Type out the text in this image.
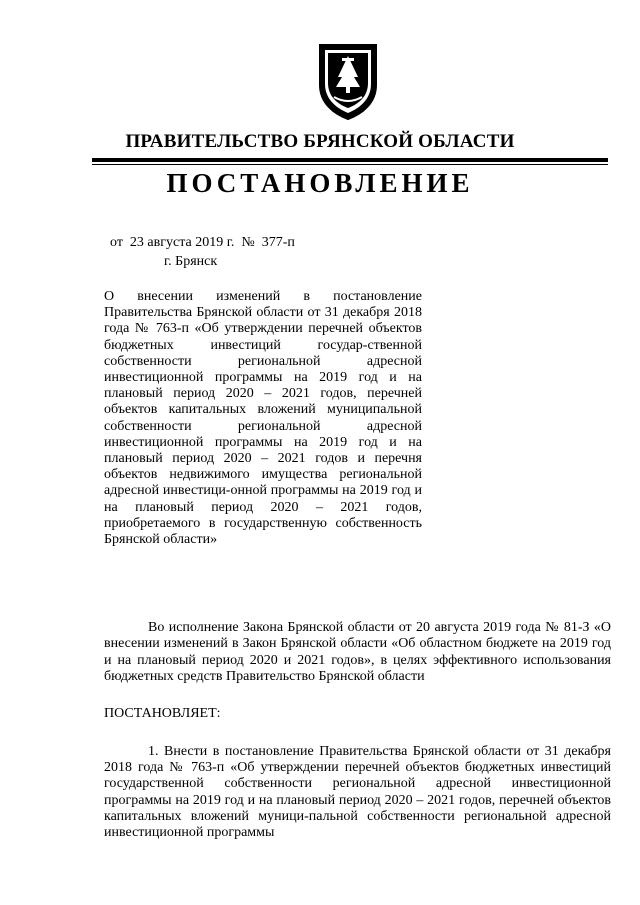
ПРАВИТЕЛЬСТВО БРЯНСКОЙ ОБЛАСТИ
ПОСТАНОВЛЕНИЕ
от  23 августа 2019 г.  №  377-п
г. Брянск

О внесении изменений в постановление Правительства Брянской области от 31 декабря 2018 года № 763-п «Об утверждении перечней объектов бюджетных инвестиций государ-ственной собственности региональной адресной инвестиционной программы на 2019 год и на плановый период 2020 – 2021 годов, перечней объектов капитальных вложений муниципальной собственности региональной адресной инвестиционной программы на 2019 год и на плановый период 2020 – 2021 годов и перечня объектов недвижимого имущества региональной адресной инвестици-онной программы на 2019 год и на плановый период 2020 – 2021 годов, приобретаемого в государственную собственность Брянской области»

Во исполнение Закона Брянской области от 20 августа 2019 года № 81-З «О внесении изменений в Закон Брянской области «Об областном бюджете на 2019 год и на плановый период 2020 и 2021 годов», в целях эффективного использования бюджетных средств Правительство Брянской области

ПОСТАНОВЛЯЕТ:

1. Внести в постановление Правительства Брянской области от 31 декабря 2018 года № 763-п «Об утверждении перечней объектов бюджетных инвестиций государственной собственности региональной адресной инвестиционной программы на 2019 год и на плановый период 2020 – 2021 годов, перечней объектов капитальных вложений муници-пальной собственности региональной адресной инвестиционной программы
